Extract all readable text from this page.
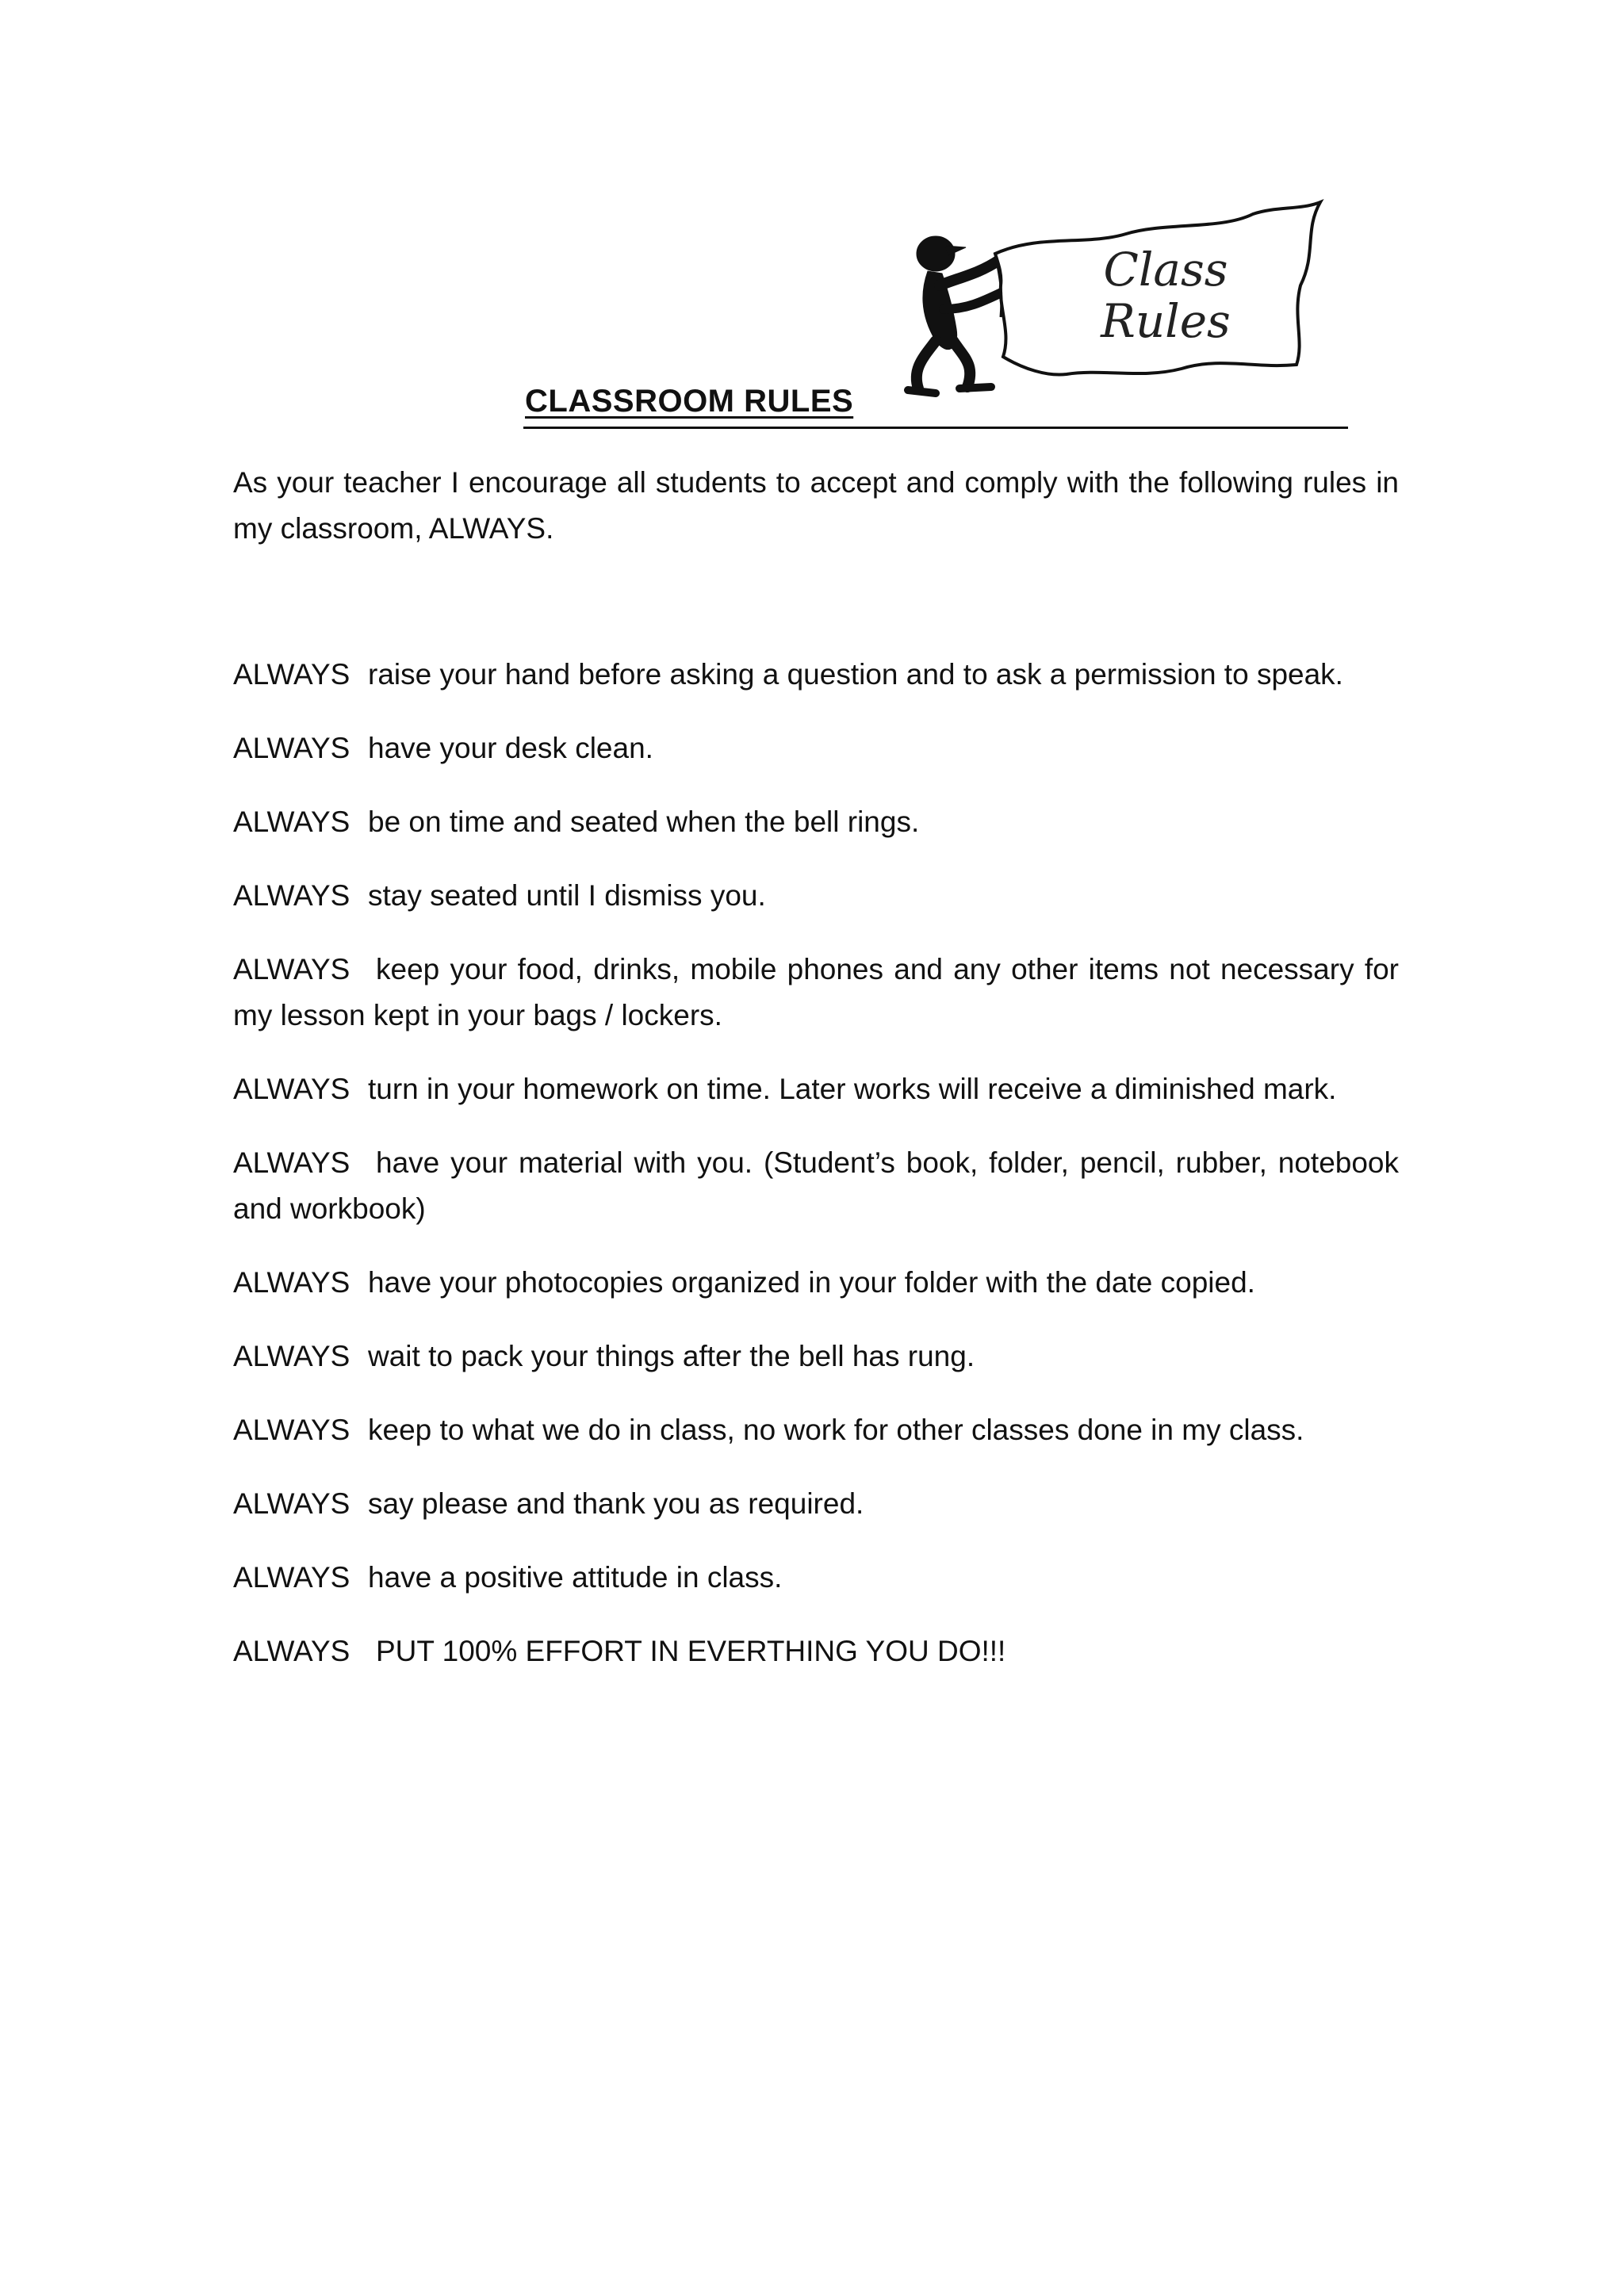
Class
Rules
CLASSROOM RULES

As your teacher I encourage all students to accept and comply with the following rules in my classroom, ALWAYS.

ALWAYS raise your hand before asking a question and to ask a permission to speak.
ALWAYS have your desk clean.
ALWAYS be on time and seated when the bell rings.
ALWAYS stay seated until I dismiss you.
ALWAYS keep your food, drinks, mobile phones and any other items not necessary for my lesson kept in your bags / lockers.
ALWAYS turn in your homework on time. Later works will receive a diminished mark.
ALWAYS have your material with you. (Student’s book, folder, pencil, rubber, notebook and workbook)
ALWAYS have your photocopies organized in your folder with the date copied.
ALWAYS wait to pack your things after the bell has rung.
ALWAYS keep to what we do in class, no work for other classes done in my class.
ALWAYS say please and thank you as required.
ALWAYS have a positive attitude in class.
ALWAYS PUT 100% EFFORT IN EVERTHING YOU DO!!!
